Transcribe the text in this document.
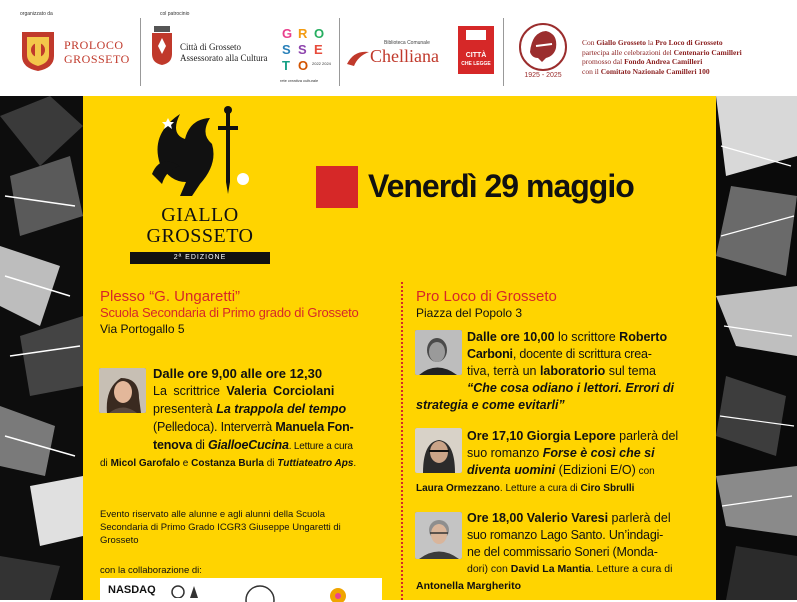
organizzato da	col patrocinio
PROLOCO
GROSSETO
Città di Grosseto
Assessorato alla Cultura
G R O
S S E
T O 2022 2024
rete creativa culturale
Biblioteca Comunale
Chelliana	CITTÀ
CHE LEGGE
1925 - 2025
Con Giallo Grosseto la Pro Loco di Grosseto
partecipa alle celebrazioni del Centenario Camilleri
promosso dal Fondo Andrea Camilleri
con il Comitato Nazionale Camilleri 100
GIALLO
GROSSETO
2ª EDIZIONE
Venerdì 29 maggio
Plesso “G. Ungaretti”
Scuola Secondaria di Primo grado di Grosseto
Via Portogallo 5
Dalle ore 9,00 alle ore 12,30
La scrittrice Valeria Corciolani
presenterà La trappola del tempo
(Pelledoca). Interverrà Manuela Fon-
tenova di GialloeCucina. Letture a cura
di Micol Garofalo e Costanza Burla di Tuttiateatro Aps.
Evento riservato alle alunne e agli alunni della Scuola
Secondaria di Primo Grado ICGR3 Giuseppe Ungaretti di
Grosseto
con la collaborazione di:
NASDAQ
Pro Loco di Grosseto
Piazza del Popolo 3
Dalle ore 10,00 lo scrittore Roberto
Carboni, docente di scrittura crea-
tiva, terrà un laboratorio sul tema
“Che cosa odiano i lettori. Errori di
strategia e come evitarli”
Ore 17,10 Giorgia Lepore parlerà del
suo romanzo Forse è così che si
diventa uomini (Edizioni E/O) con
Laura Ormezzano. Letture a cura di Ciro Sbrulli
Ore 18,00 Valerio Varesi parlerà del
suo romanzo Lago Santo. Un’indagi-
ne del commissario Soneri (Monda-
dori) con David La Mantia. Letture a cura di
Antonella Margherito
